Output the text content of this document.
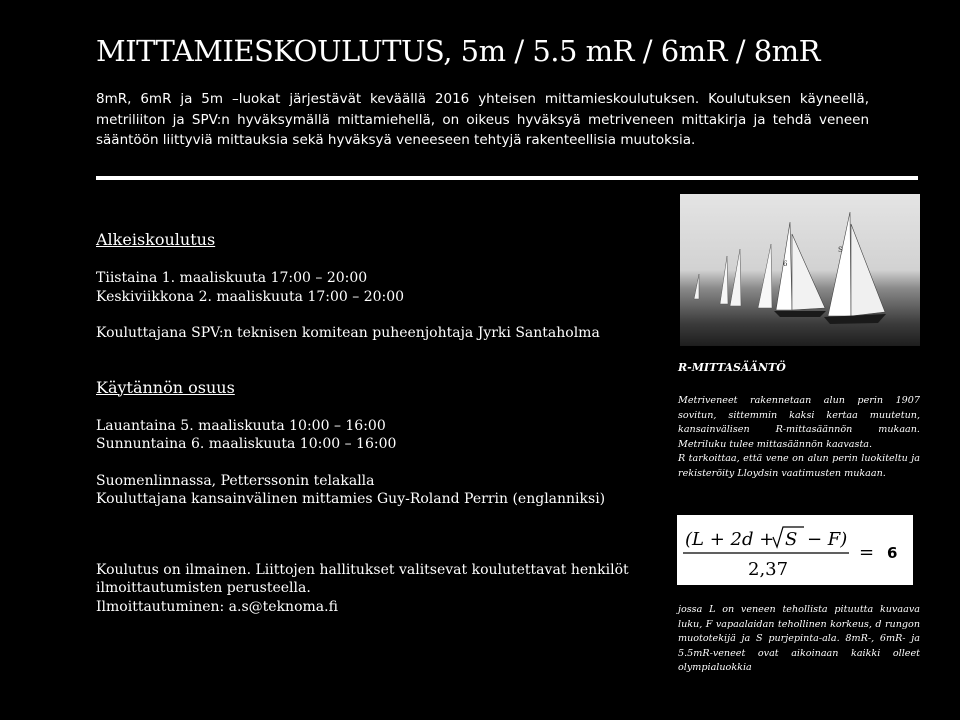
MITTAMIESKOULUTUS, 5m / 5.5 mR / 6mR / 8mR

8mR, 6mR ja 5m –luokat järjestävät keväällä 2016 yhteisen mittamieskoulutuksen. Koulutuksen käyneellä, metriliiton ja SPV:n hyväksymällä mittamiehellä, on oikeus hyväksyä metriveneen mittakirja ja tehdä veneen sääntöön liittyviä mittauksia sekä hyväksyä veneeseen tehtyjä rakenteellisia muutoksia.

Alkeiskoulutus
Tiistaina 1. maaliskuuta 17:00 – 20:00
Keskiviikkona 2. maaliskuuta 17:00 – 20:00
Kouluttajana SPV:n teknisen komitean puheenjohtaja Jyrki Santaholma
Käytännön osuus
Lauantaina 5. maaliskuuta 10:00 – 16:00
Sunnuntaina 6. maaliskuuta 10:00 – 16:00
Suomenlinnassa, Petterssonin telakalla
Kouluttajana kansainvälinen mittamies Guy-Roland Perrin (englanniksi)
Koulutus on ilmainen. Liittojen hallitukset valitsevat koulutettavat henkilöt
ilmoittautumisten perusteella.
Ilmoittautuminen: a.s@teknoma.fi
6
S
R-MITTASÄÄNTÖ
Metriveneet rakennetaan alun perin 1907 sovitun, sittemmin kaksi kertaa muutetun, kansainvälisen R-mittasäännön mukaan. Metriluku tulee mittasäännön kaavasta.
R tarkoittaa, että vene on alun perin luokiteltu ja rekisteröity Lloydsin vaatimusten mukaan.
(L + 2d + S − F)
2,37
= 6
jossa L on veneen tehollista pituutta kuvaava luku, F vapaalaidan tehollinen korkeus, d rungon muototekijä ja S purjepinta-ala. 8mR-, 6mR- ja 5.5mR-veneet ovat aikoinaan kaikki olleet olympialuokkia
